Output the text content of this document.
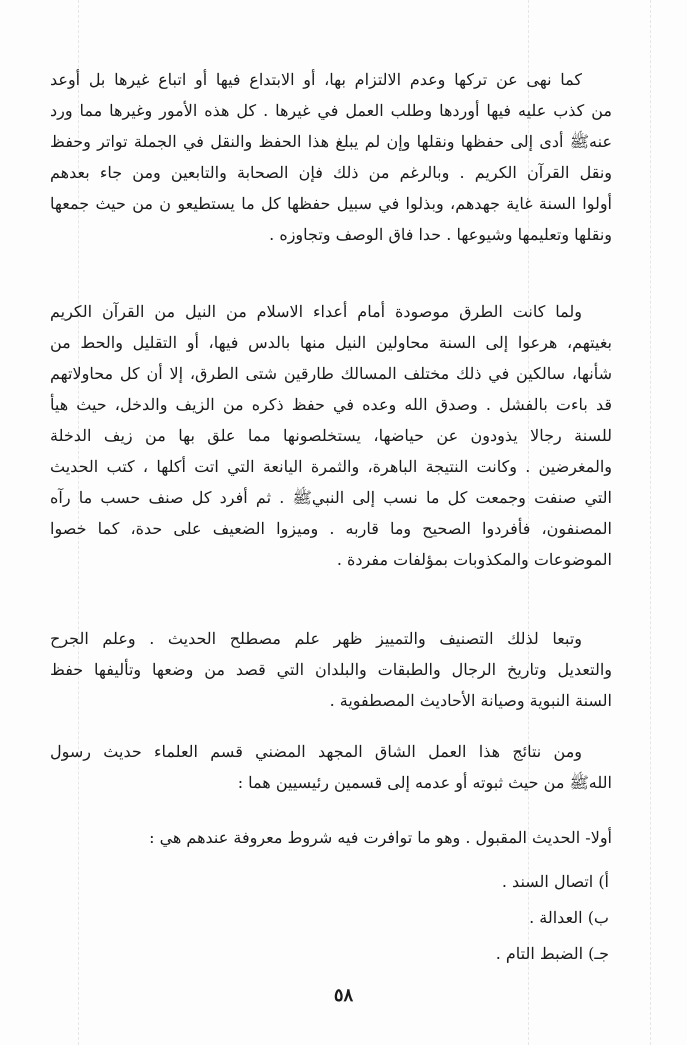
كما نهى عن تركها وعدم الالتزام بها، أو الابتداع فيها أو اتباع غيرها بل أوعد
من كذب عليه فيها أوردها وطلب العمل في غيرها . كل هذه الأمور وغيرها مما ورد
عنهﷺ أدى إلى حفظها ونقلها وإن لم يبلغ هذا الحفظ والنقل في الجملة تواتر وحفظ
ونقل القرآن الكريم . وبالرغم من ذلك فإن الصحابة والتابعين ومن جاء بعدهم
أولوا السنة غاية جهدهم، وبذلوا في سبيل حفظها كل ما يستطيعو ن من حيث جمعها
ونقلها وتعليمها وشيوعها . حدا فاق الوصف وتجاوزه .
ولما كانت الطرق موصودة أمام أعداء الاسلام من النيل من القرآن الكريم
بغيتهم، هرعوا إلى السنة محاولين النيل منها بالدس فيها، أو التقليل والحط من
شأنها، سالكين في ذلك مختلف المسالك طارقين شتى الطرق، إلا أن كل محاولاتهم
قد باءت بالفشل . وصدق الله وعده في حفظ ذكره من الزيف والدخل، حيث هيأ
للسنة رجالا يذودون عن حياضها، يستخلصونها مما علق بها من زيف الدخلة
والمغرضين . وكانت النتيجة الباهرة، والثمرة اليانعة التي اتت أكلها ، كتب الحديث
التي صنفت وجمعت كل ما نسب إلى النبيﷺ . ثم أفرد كل صنف حسب ما رآه
المصنفون، فأفردوا الصحيح وما قاربه . وميزوا الضعيف على حدة، كما خصوا
الموضوعات والمكذوبات بمؤلفات مفردة .
وتبعا لذلك التصنيف والتمييز ظهر علم مصطلح الحديث . وعلم الجرح
والتعديل وتاريخ الرجال والطبقات والبلدان التي قصد من وضعها وتأليفها حفظ
السنة النبوية وصيانة الأحاديث المصطفوية .
ومن نتائج هذا العمل الشاق المجهد المضني قسم العلماء حديث رسول
اللهﷺ من حيث ثبوته أو عدمه إلى قسمين رئيسيين هما :
أولا- الحديث المقبول . وهو ما توافرت فيه شروط معروفة عندهم هي :
أ) اتصال السند .
ب) العدالة .
جـ) الضبط التام .
٥٨
